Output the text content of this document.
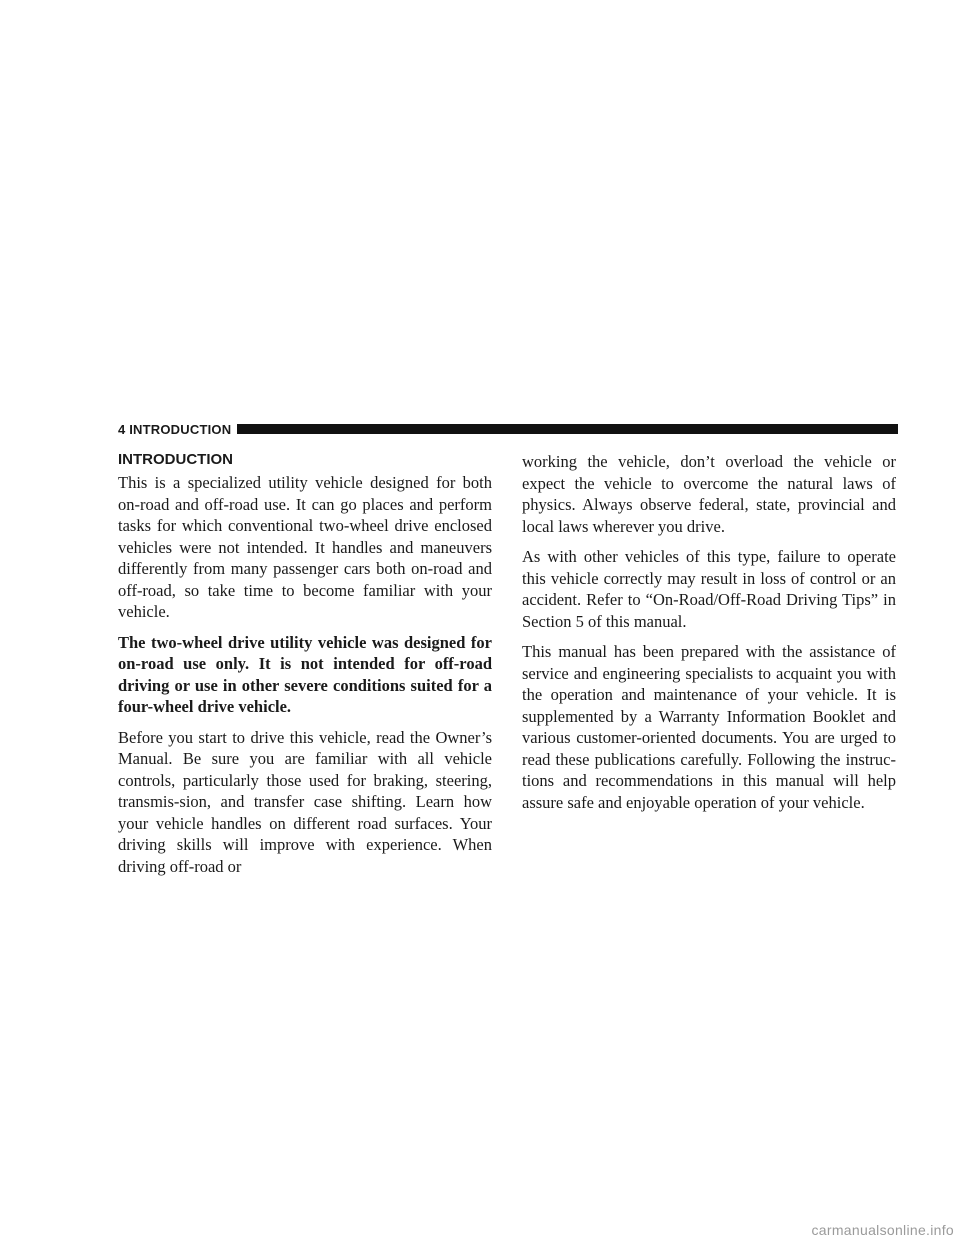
4 INTRODUCTION
INTRODUCTION

This is a specialized utility vehicle designed for both on-road and off-road use. It can go places and perform tasks for which conventional two-wheel drive enclosed vehicles were not intended. It handles and maneuvers differently from many passenger cars both on-road and off-road, so take time to become familiar with your vehicle.

The two-wheel drive utility vehicle was designed for on-road use only. It is not intended for off-road driving or use in other severe conditions suited for a four-wheel drive vehicle.

Before you start to drive this vehicle, read the Owner’s Manual. Be sure you are familiar with all vehicle controls, particularly those used for braking, steering, transmis-sion, and transfer case shifting. Learn how your vehicle handles on different road surfaces. Your driving skills will improve with experience. When driving off-road or

working the vehicle, don’t overload the vehicle or expect the vehicle to overcome the natural laws of physics. Always observe federal, state, provincial and local laws wherever you drive.

As with other vehicles of this type, failure to operate this vehicle correctly may result in loss of control or an accident. Refer to “On-Road/Off-Road Driving Tips” in Section 5 of this manual.

This manual has been prepared with the assistance of service and engineering specialists to acquaint you with the operation and maintenance of your vehicle. It is supplemented by a Warranty Information Booklet and various customer-oriented documents. You are urged to read these publications carefully. Following the instruc-tions and recommendations in this manual will help assure safe and enjoyable operation of your vehicle.

carmanualsonline.info
